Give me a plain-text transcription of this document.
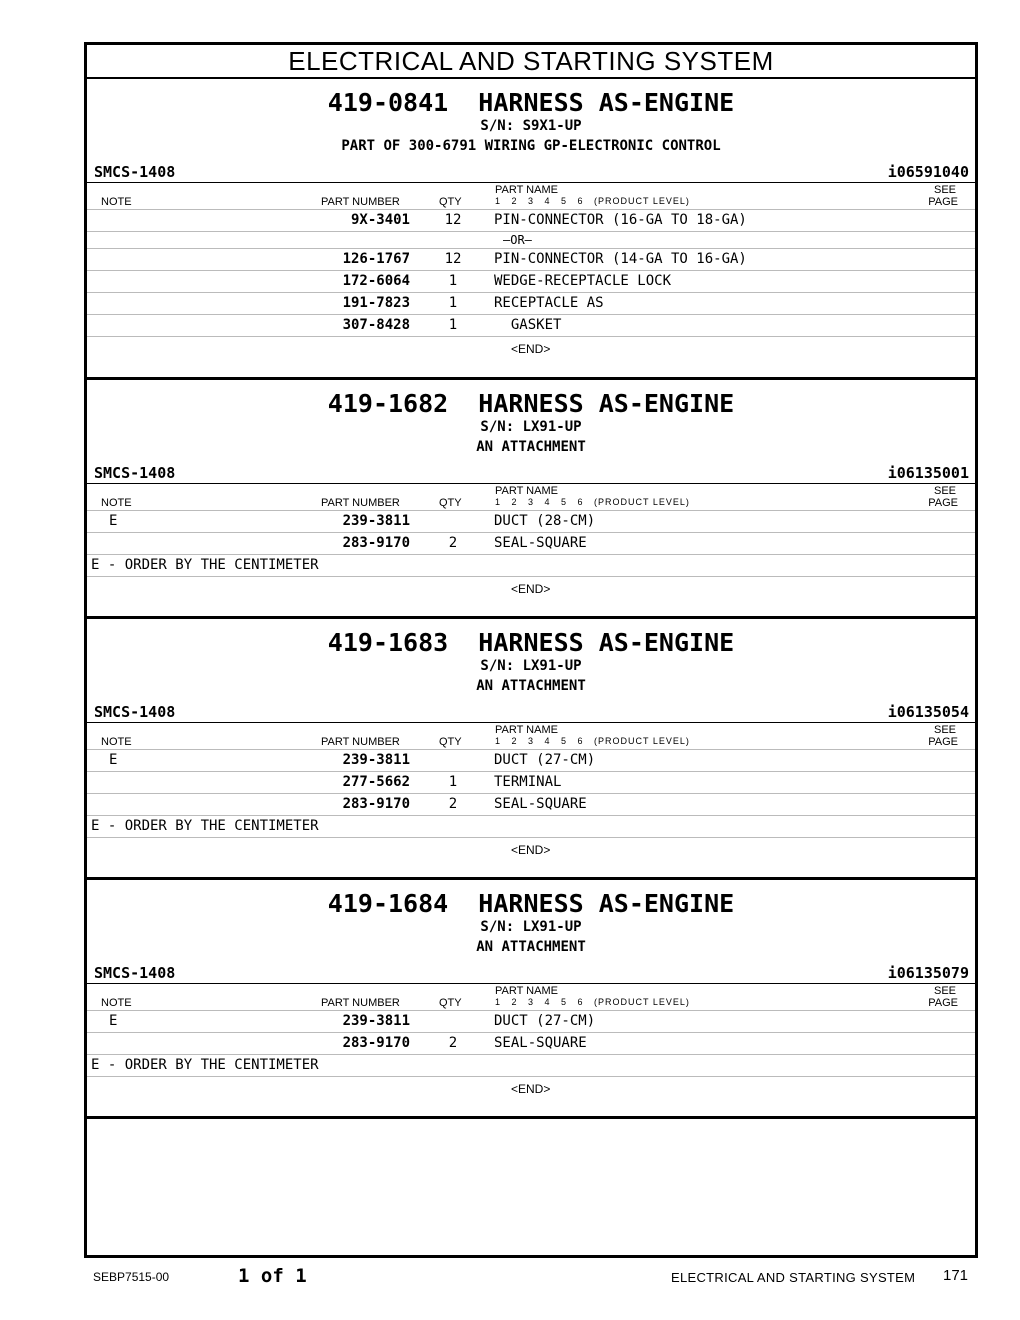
ELECTRICAL AND STARTING SYSTEM
419-0841  HARNESS AS-ENGINE
S/N: S9X1-UP
PART OF 300-6791 WIRING GP-ELECTRONIC CONTROL
SMCS-1408	i06591040
NOTE	PART NUMBER	QTY
PART NAME
1   2   3   4   5   6   (PRODUCT LEVEL)
SEE
PAGE
9X-3401 12 PIN-CONNECTOR (16-GA TO 18-GA)
—OR—
126-1767 12 PIN-CONNECTOR (14-GA TO 16-GA)
172-6064	1	WEDGE-RECEPTACLE LOCK
191-7823	1	RECEPTACLE AS
307-8428	1	GASKET
<END>
419-1682  HARNESS AS-ENGINE
S/N: LX91-UP
AN ATTACHMENT
SMCS-1408	i06135001
NOTE	PART NUMBER	QTY
PART NAME
1   2   3   4   5   6   (PRODUCT LEVEL)
SEE
PAGE
E	239-3811	DUCT (28-CM)
283-9170	2	SEAL-SQUARE
E - ORDER BY THE CENTIMETER
<END>
419-1683  HARNESS AS-ENGINE
S/N: LX91-UP
AN ATTACHMENT
SMCS-1408	i06135054
NOTE	PART NUMBER	QTY
PART NAME
1   2   3   4   5   6   (PRODUCT LEVEL)
SEE
PAGE
E	239-3811	DUCT (27-CM)
277-5662	1	TERMINAL
283-9170	2	SEAL-SQUARE
E - ORDER BY THE CENTIMETER
<END>
419-1684  HARNESS AS-ENGINE
S/N: LX91-UP
AN ATTACHMENT
SMCS-1408	i06135079
NOTE	PART NUMBER	QTY
PART NAME
1   2   3   4   5   6   (PRODUCT LEVEL)
SEE
PAGE
E	239-3811	DUCT (27-CM)
283-9170	2	SEAL-SQUARE
E - ORDER BY THE CENTIMETER
<END>
SEBP7515-00	1 of 1	ELECTRICAL AND STARTING SYSTEM 171
